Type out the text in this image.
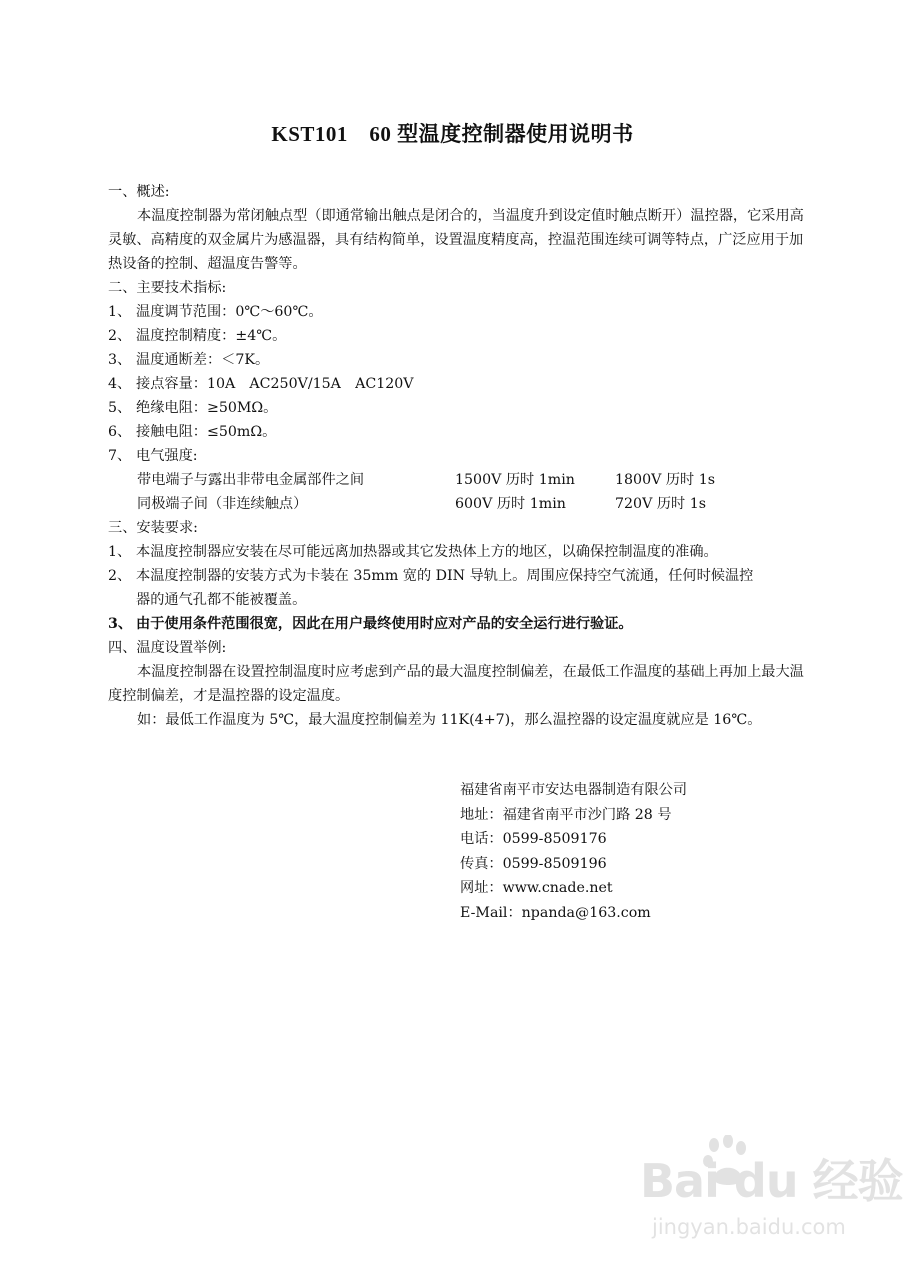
KST101　60 型温度控制器使用说明书
一、概述:
本温度控制器为常闭触点型（即通常输出触点是闭合的，当温度升到设定值时触点断开）温控器，它采用高灵敏、高精度的双金属片为感温器，具有结构简单，设置温度精度高，控温范围连续可调等特点，广泛应用于加热设备的控制、超温度告警等。
二、主要技术指标:
1、 温度调节范围：0℃～60℃。
2、 温度控制精度：±4℃。
3、 温度通断差：＜7K。
4、 接点容量：10A　AC250V/15A　AC120V
5、 绝缘电阻：≥50MΩ。
6、 接触电阻：≤50mΩ。
7、 电气强度:
带电端子与露出非带电金属部件之间	1500V 历时 1min	1800V 历时 1s
同极端子间（非连续触点）	600V 历时 1min	720V 历时 1s
三、安装要求:
1、 本温度控制器应安装在尽可能远离加热器或其它发热体上方的地区，以确保控制温度的准确。
2、 本温度控制器的安装方式为卡装在 35mm 宽的 DIN 导轨上。周围应保持空气流通，任何时候温控
器的通气孔都不能被覆盖。
3、 由于使用条件范围很宽，因此在用户最终使用时应对产品的安全运行进行验证。
四、温度设置举例:
本温度控制器在设置控制温度时应考虑到产品的最大温度控制偏差，在最低工作温度的基础上再加上最大温度控制偏差，才是温控器的设定温度。
如：最低工作温度为 5℃，最大温度控制偏差为 11K(4+7)，那么温控器的设定温度就应是 16℃。
福建省南平市安达电器制造有限公司
地址：福建省南平市沙门路 28 号
电话：0599-8509176
传真：0599-8509196
网址：www.cnade.net
E-Mail：npanda@163.com
Bai du 经验
jingyan.baidu.com
